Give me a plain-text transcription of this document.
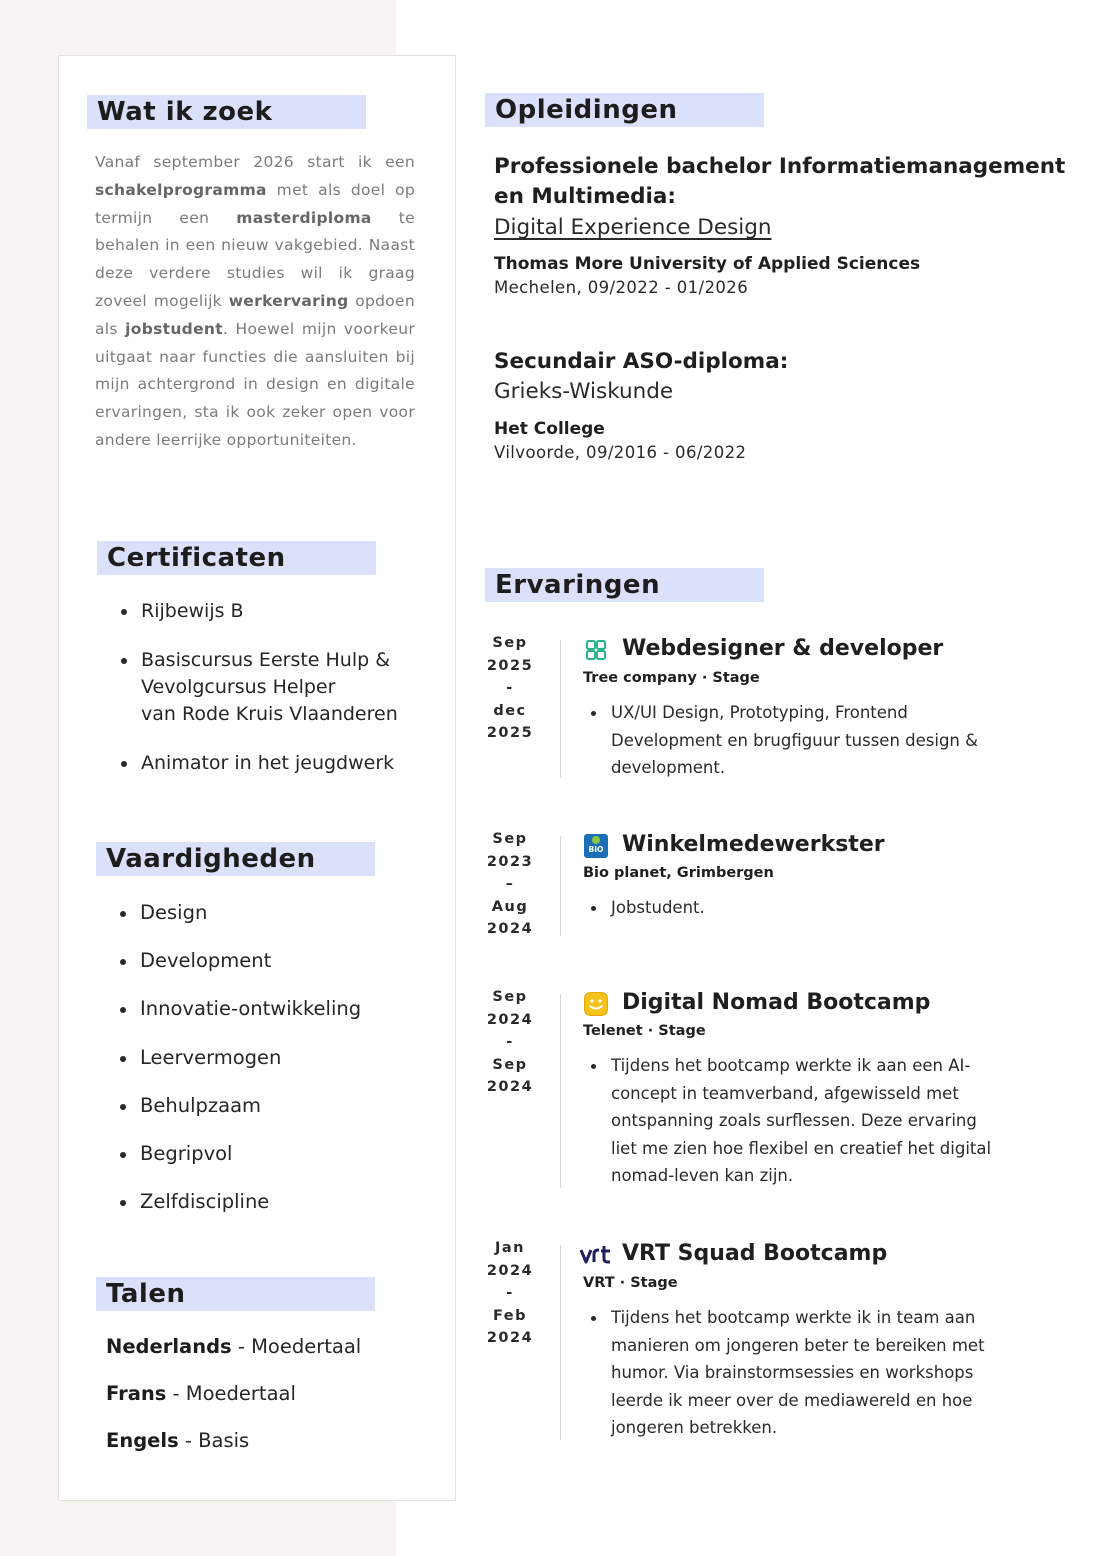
Wat ik zoek

Vanaf september 2026 start ik een schakelprogramma met als doel op termijn een masterdiploma te behalen in een nieuw vakgebied. Naast deze verdere studies wil ik graag zoveel mogelijk werkervaring opdoen als jobstudent. Hoewel mijn voorkeur uitgaat naar functies die aansluiten bij mijn achtergrond in design en digitale ervaringen, sta ik ook zeker open voor andere leerrijke opportuniteiten.

Certificaten
Rijbewijs B
Basiscursus Eerste Hulp &
Vevolgcursus Helper
van Rode Kruis Vlaanderen
Animator in het jeugdwerk
Vaardigheden
Design
Development
Innovatie-ontwikkeling
Leervermogen
Behulpzaam
Begripvol
Zelfdiscipline
Talen
Nederlands - Moedertaal
Frans - Moedertaal
Engels - Basis
Opleidingen
Professionele bachelor Informatiemanagement
en Multimedia:
Digital Experience Design
Thomas More University of Applied Sciences
Mechelen, 09/2022 - 01/2026
Secundair ASO-diploma:
Grieks-Wiskunde
Het College
Vilvoorde, 09/2016 - 06/2022
Ervaringen
Sep
2025
-
dec
2025
Webdesigner & developer
Tree company · Stage
UX/UI Design, Prototyping, Frontend Development en brugfiguur tussen design & development.
Sep
2023
–
Aug
2024
BIO Winkelmedewerkster
Bio planet, Grimbergen
Jobstudent.
Sep
2024
-
Sep
2024
Digital Nomad Bootcamp
Telenet · Stage
Tijdens het bootcamp werkte ik aan een AI-concept in teamverband, afgewisseld met ontspanning zoals surflessen. Deze ervaring liet me zien hoe flexibel en creatief het digital nomad-leven kan zijn.
Jan
2024
-
Feb
2024
VRT Squad Bootcamp
VRT · Stage
Tijdens het bootcamp werkte ik in team aan manieren om jongeren beter te bereiken met humor. Via brainstormsessies en workshops leerde ik meer over de mediawereld en hoe jongeren betrekken.
